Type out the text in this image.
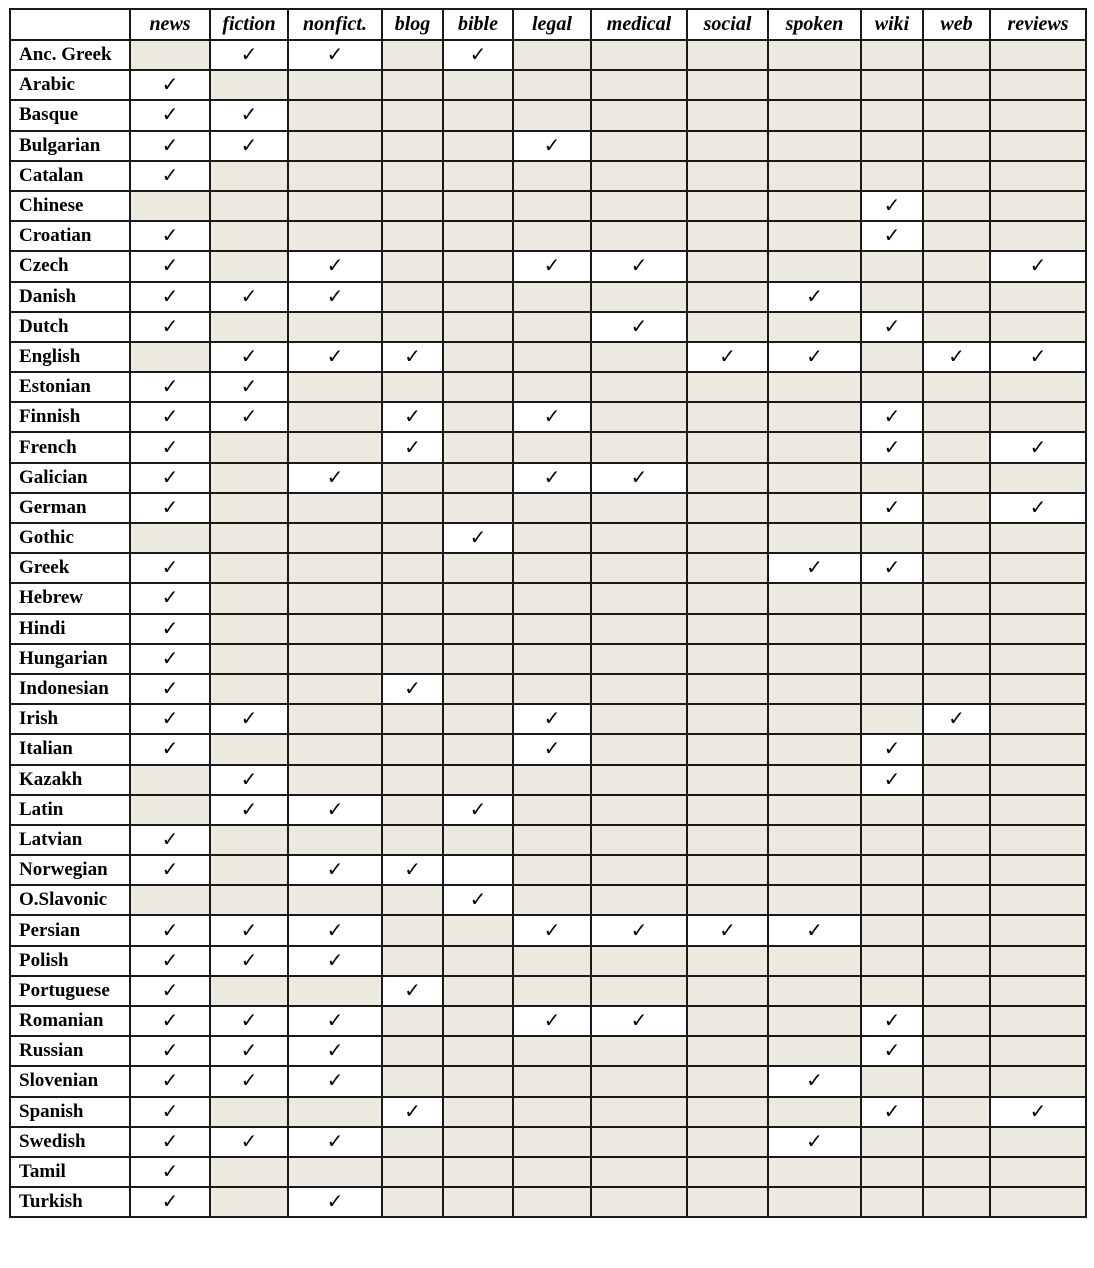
	news	fiction	nonfict.	blog	bible	legal	medical	social	spoken	wiki	web	reviews
Anc. Greek		✓	✓		✓							
Arabic	✓											
Basque	✓	✓										
Bulgarian	✓	✓				✓						
Catalan	✓											
Chinese										✓		
Croatian	✓									✓		
Czech	✓		✓			✓	✓					✓
Danish	✓	✓	✓						✓			
Dutch	✓						✓			✓		
English		✓	✓	✓				✓	✓		✓	✓
Estonian	✓	✓										
Finnish	✓	✓		✓		✓				✓		
French	✓			✓						✓		✓
Galician	✓		✓			✓	✓					
German	✓									✓		✓
Gothic					✓							
Greek	✓								✓	✓		
Hebrew	✓											
Hindi	✓											
Hungarian	✓											
Indonesian	✓			✓								
Irish	✓	✓				✓					✓	
Italian	✓					✓				✓		
Kazakh		✓								✓		
Latin		✓	✓		✓							
Latvian	✓											
Norwegian	✓		✓	✓								
O.Slavonic					✓							
Persian	✓	✓	✓			✓	✓	✓	✓			
Polish	✓	✓	✓									
Portuguese	✓			✓								
Romanian	✓	✓	✓			✓	✓			✓		
Russian	✓	✓	✓							✓		
Slovenian	✓	✓	✓						✓			
Spanish	✓			✓						✓		✓
Swedish	✓	✓	✓						✓			
Tamil	✓											
Turkish	✓		✓									
